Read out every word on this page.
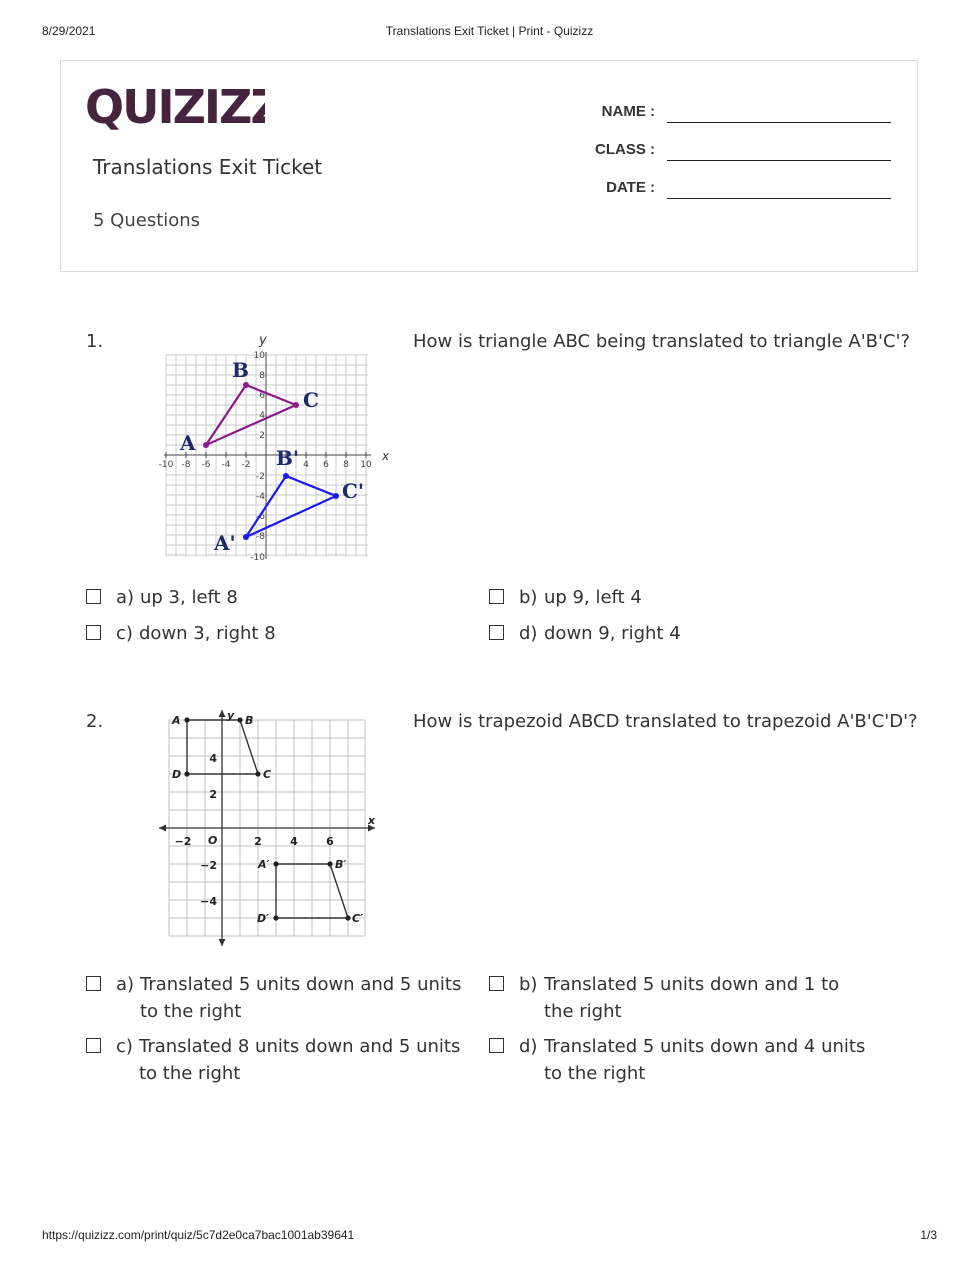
8/29/2021	Translations Exit Ticket | Print - Quizizz
QUIZIZZ
Translations Exit Ticket
5 Questions
NAME :
CLASS :
DATE :
1.	How is triangle ABC being translated to triangle A'B'C'?
x
y
-10 -8 -6 -4 -2	4 6 8 10
10
8
6
4
2
-2
-4
-6
-8
-10
A
B
C
A'
B'
C'
a) up 3, left 8	b) up 9, left 4
c) down 3, right 8	d) down 9, right 4
2.	How is trapezoid ABCD translated to trapezoid A'B'C'D'?
x
y
O
−2	2	4	6
4
2
−2
−4
A	B
C
D
A′	B′
C′
D′
a) Translated 5 units down and 5 units to the right
b) Translated 5 units down and 1 to the right
c) Translated 8 units down and 5 units to the right
d) Translated 5 units down and 4 units to the right
https://quizizz.com/print/quiz/5c7d2e0ca7bac1001ab39641	1/3
